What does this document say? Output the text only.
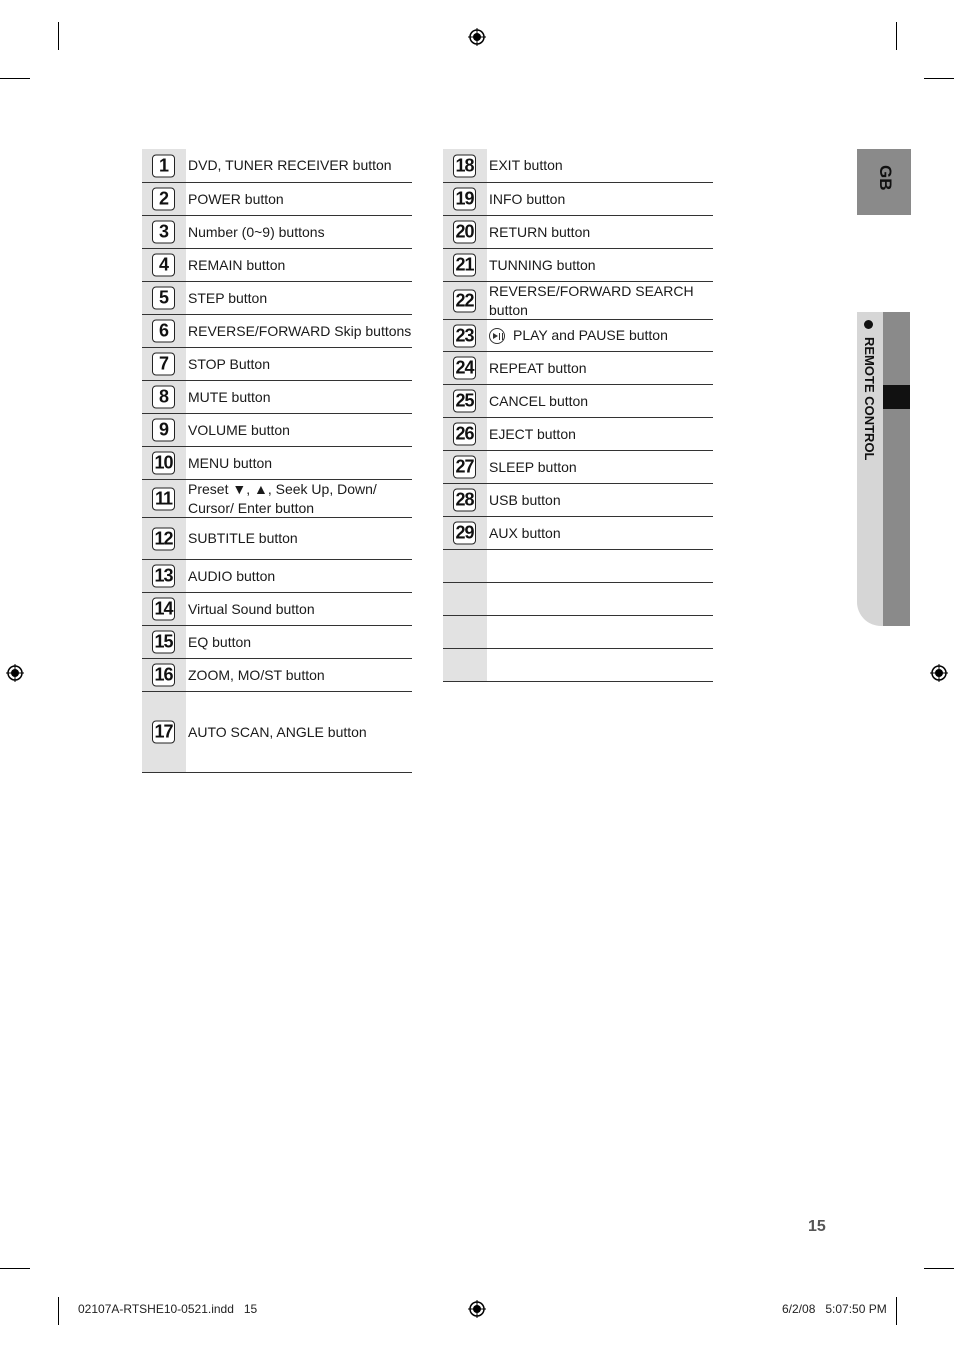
1	DVD, TUNER RECEIVER button
2	POWER button
3	Number (0~9) buttons
4	REMAIN button
5	STEP button
6	REVERSE/FORWARD Skip buttons
7	STOP Button
8	MUTE button
9	VOLUME button
10 MENU button
11 Preset ▼, ▲, Seek Up, Down/
Cursor/ Enter button
12 SUBTITLE button
13 AUDIO button
14 Virtual Sound button
15 EQ button
16 ZOOM, MO/ST button
17 AUTO SCAN, ANGLE button
18 EXIT button
19 INFO button
20 RETURN button
21 TUNNING button
22 REVERSE/FORWARD SEARCH
button
23	PLAY and PAUSE button
24 REPEAT button
25 CANCEL button
26 EJECT button
27 SLEEP button
28 USB button
29 AUX button
GB
REMOTE CONTROL
15
02107A-RTSHE10-0521.indd   15	6/2/08   5:07:50 PM
